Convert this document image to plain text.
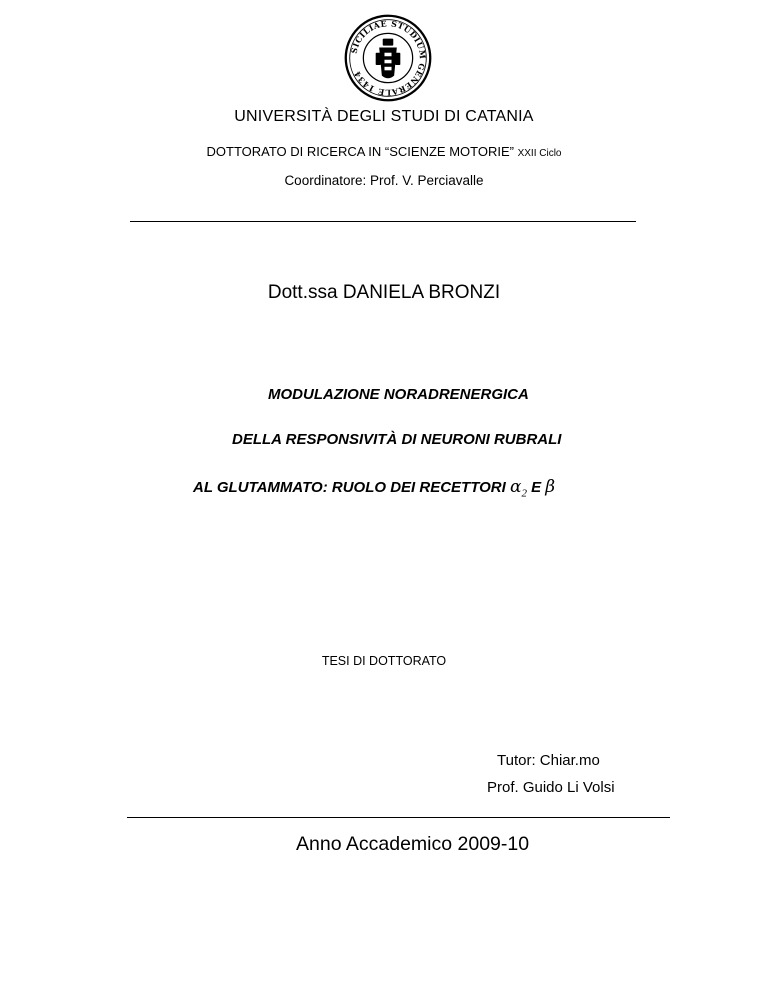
SICILIAE STUDIUM GENERALE 1434
UNIVERSITÀ DEGLI STUDI DI CATANIA
DOTTORATO DI RICERCA IN “SCIENZE MOTORIE” XXII Ciclo
Coordinatore: Prof. V. Perciavalle
Dott.ssa DANIELA BRONZI
MODULAZIONE NORADRENERGICA
DELLA RESPONSIVITÀ DI NEURONI RUBRALI
AL GLUTAMMATO: RUOLO DEI RECETTORI $\alpha_2$ E β
TESI DI DOTTORATO
Tutor: Chiar.mo
Prof. Guido Li Volsi
Anno Accademico 2009-10
